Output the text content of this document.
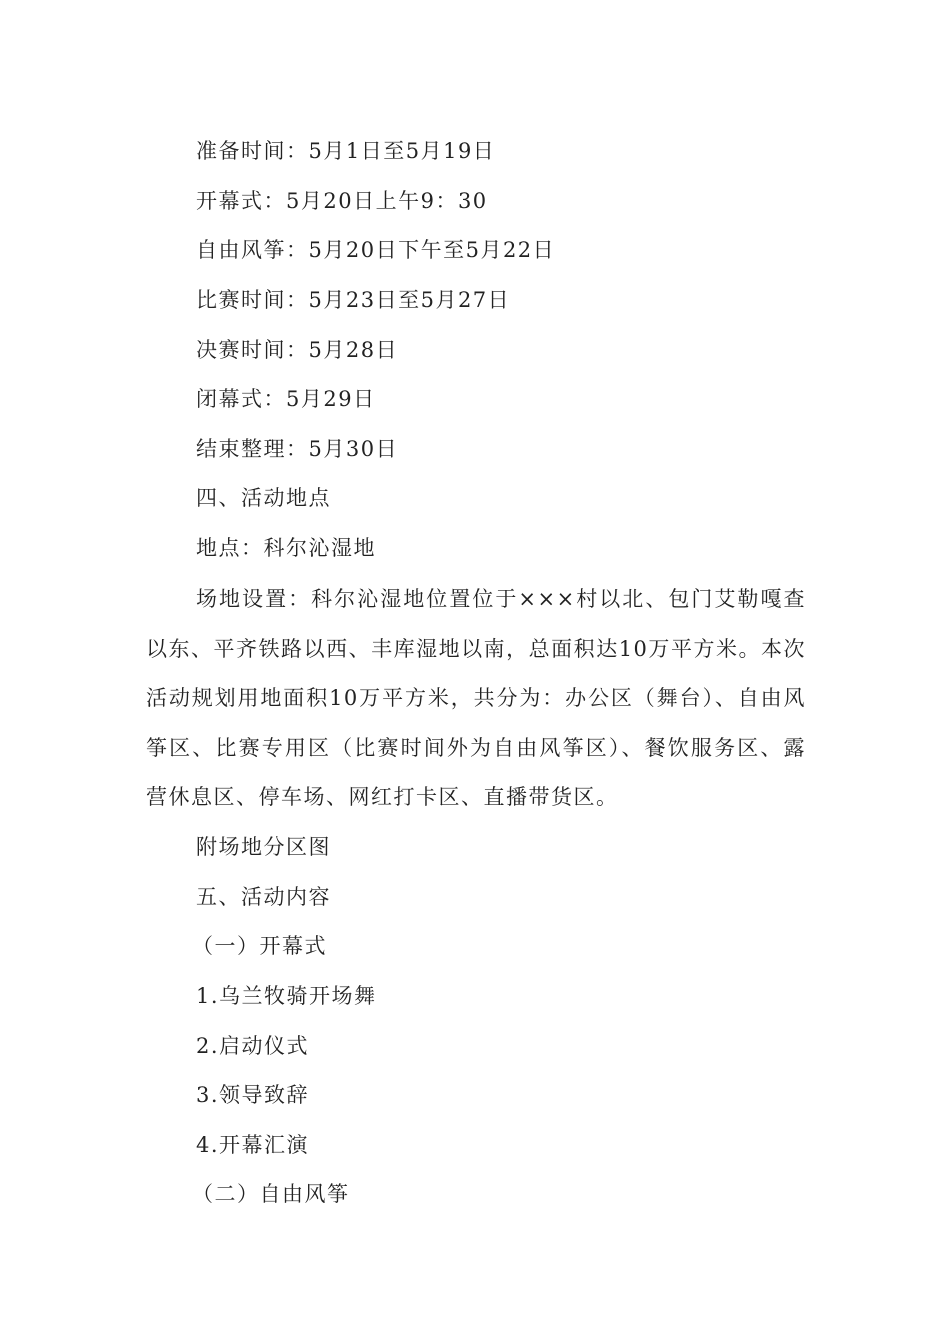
准备时间：5月1日至5月19日
开幕式：5月20日上午9：30
自由风筝：5月20日下午至5月22日
比赛时间：5月23日至5月27日
决赛时间：5月28日
闭幕式：5月29日
结束整理：5月30日
四、活动地点
地点：科尔沁湿地
场地设置：科尔沁湿地位置位于×××村以北、包门艾勒嘎查以东、平齐铁路以西、丰库湿地以南，总面积达10万平方米。本次活动规划用地面积10万平方米，共分为：办公区（舞台）、自由风筝区、比赛专用区（比赛时间外为自由风筝区）、餐饮服务区、露营休息区、停车场、网红打卡区、直播带货区。
附场地分区图
五、活动内容
（一）开幕式
1.乌兰牧骑开场舞
2.启动仪式
3.领导致辞
4.开幕汇演
（二）自由风筝
